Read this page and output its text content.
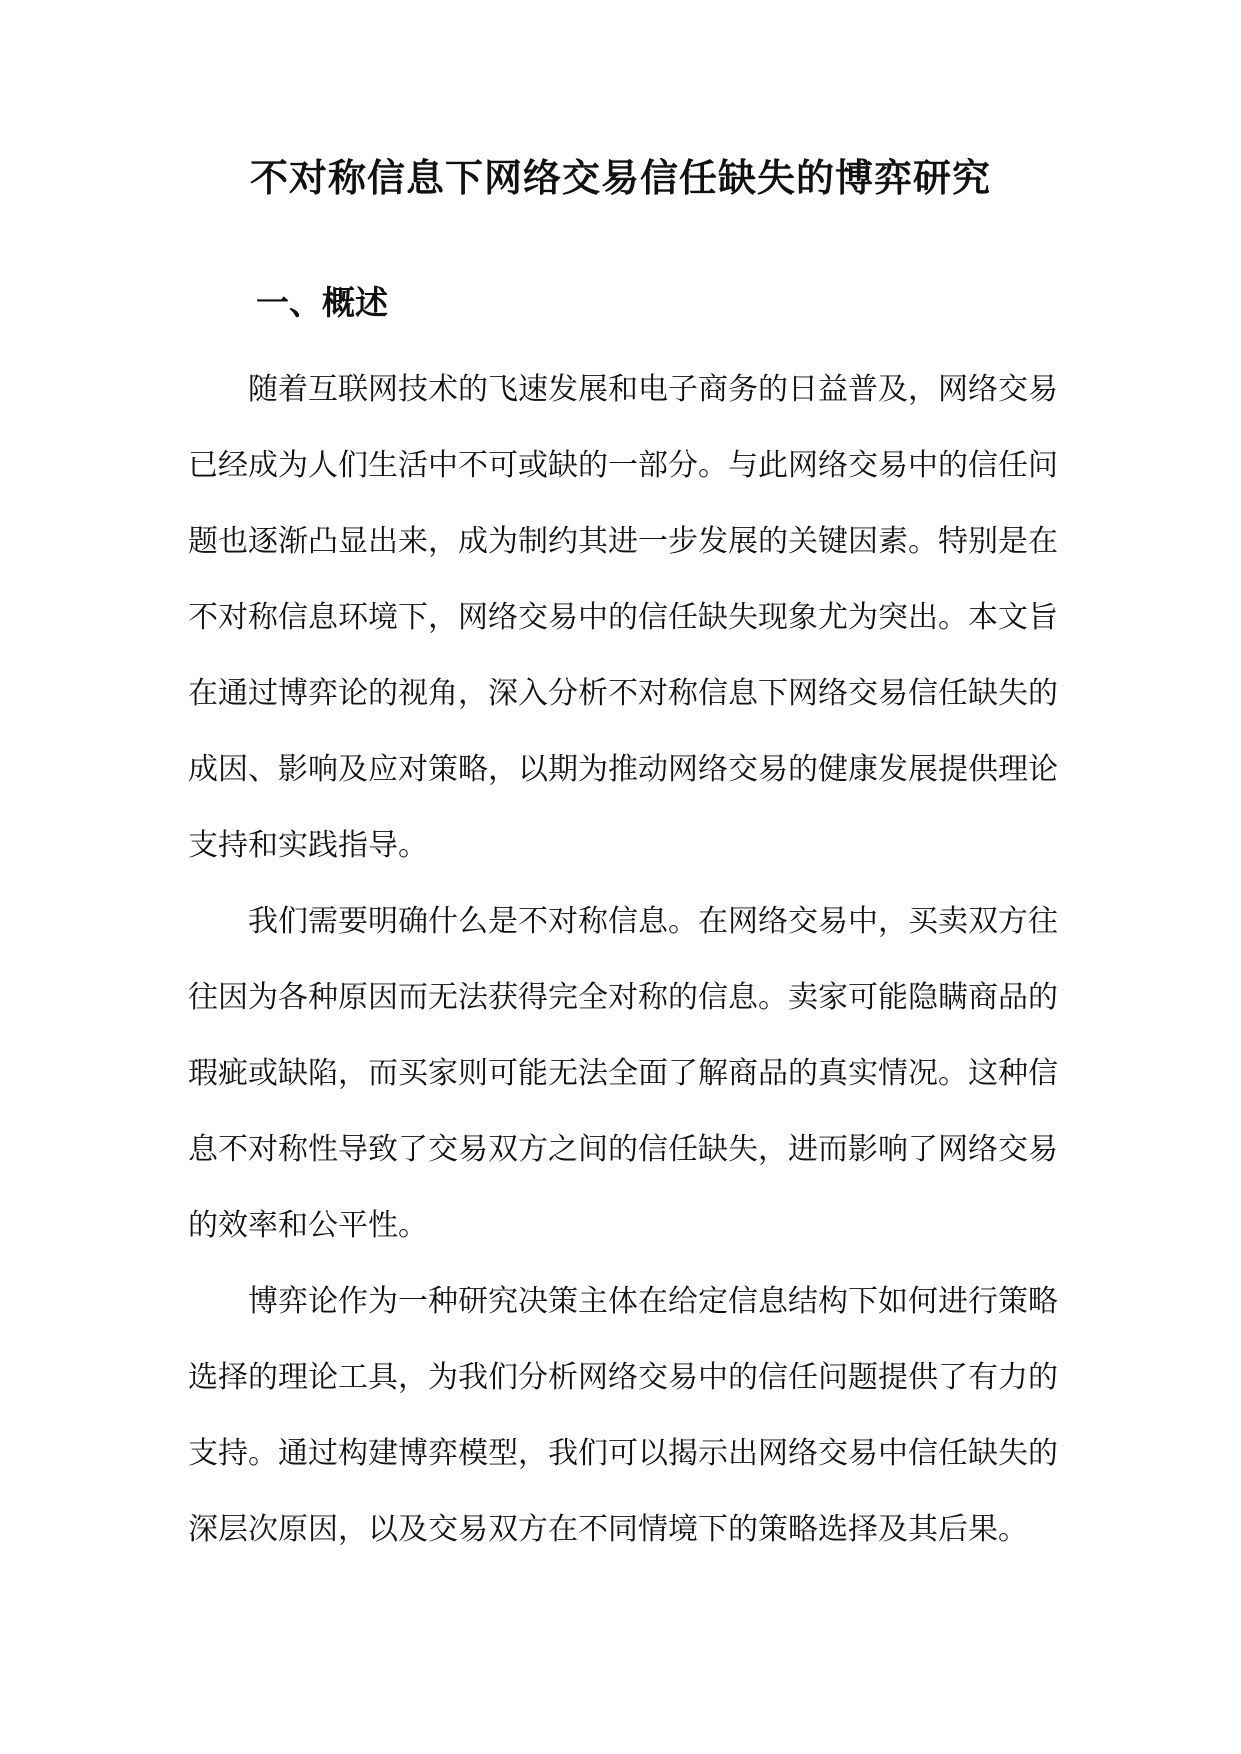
不对称信息下网络交易信任缺失的博弈研究
一、概述

随着互联网技术的飞速发展和电子商务的日益普及，网络交易已经成为人们生活中不可或缺的一部分。与此网络交易中的信任问题也逐渐凸显出来，成为制约其进一步发展的关键因素。特别是在不对称信息环境下，网络交易中的信任缺失现象尤为突出。本文旨在通过博弈论的视角，深入分析不对称信息下网络交易信任缺失的成因、影响及应对策略，以期为推动网络交易的健康发展提供理论支持和实践指导。

我们需要明确什么是不对称信息。在网络交易中，买卖双方往往因为各种原因而无法获得完全对称的信息。卖家可能隐瞒商品的瑕疵或缺陷，而买家则可能无法全面了解商品的真实情况。这种信息不对称性导致了交易双方之间的信任缺失，进而影响了网络交易的效率和公平性。

博弈论作为一种研究决策主体在给定信息结构下如何进行策略选择的理论工具，为我们分析网络交易中的信任问题提供了有力的支持。通过构建博弈模型，我们可以揭示出网络交易中信任缺失的深层次原因，以及交易双方在不同情境下的策略选择及其后果。
